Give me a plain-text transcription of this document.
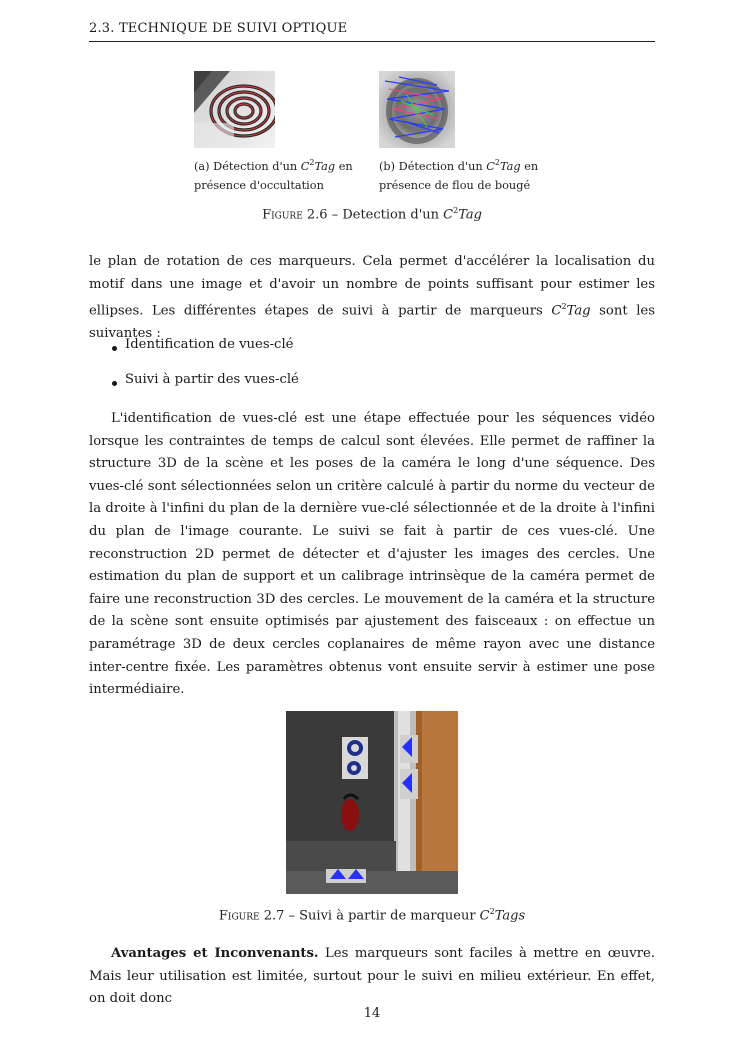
2.3. TECHNIQUE DE SUIVI OPTIQUE
(a) Détection d'un $C^2Tag$ en
présence d'occultation
(b) Détection d'un $C^2Tag$ en
présence de flou de bougé
Figure 2.6 – Detection d'un $C^2Tag$

le plan de rotation de ces marqueurs. Cela permet d'accélérer la localisation du motif dans une image et d'avoir un nombre de points suffisant pour estimer les ellipses. Les différentes étapes de suivi à partir de marqueurs $C^2Tag$ sont les suivantes :

Identification de vues-clé
Suivi à partir des vues-clé

L'identification de vues-clé est une étape effectuée pour les séquences vidéo lorsque les contraintes de temps de calcul sont élevées. Elle permet de raffiner la structure 3D de la scène et les poses de la caméra le long d'une séquence. Des vues-clé sont sélectionnées selon un critère calculé à partir du norme du vecteur de la droite à l'infini du plan de la dernière vue-clé sélectionnée et de la droite à l'infini du plan de l'image courante. Le suivi se fait à partir de ces vues-clé. Une reconstruction 2D permet de détecter et d'ajuster les images des cercles. Une estimation du plan de support et un calibrage intrinsèque de la caméra permet de faire une reconstruction 3D des cercles. Le mouvement de la caméra et la structure de la scène sont ensuite optimisés par ajustement des faisceaux : on effectue un paramétrage 3D de deux cercles coplanaires de même rayon avec une distance inter-centre fixée. Les paramètres obtenus vont ensuite servir à estimer une pose intermédiaire.

Figure 2.7 – Suivi à partir de marqueur $C^2Tags$

Avantages et Inconvenants. Les marqueurs sont faciles à mettre en œuvre. Mais leur utilisation est limitée, surtout pour le suivi en milieu extérieur. En effet, on doit donc

14
